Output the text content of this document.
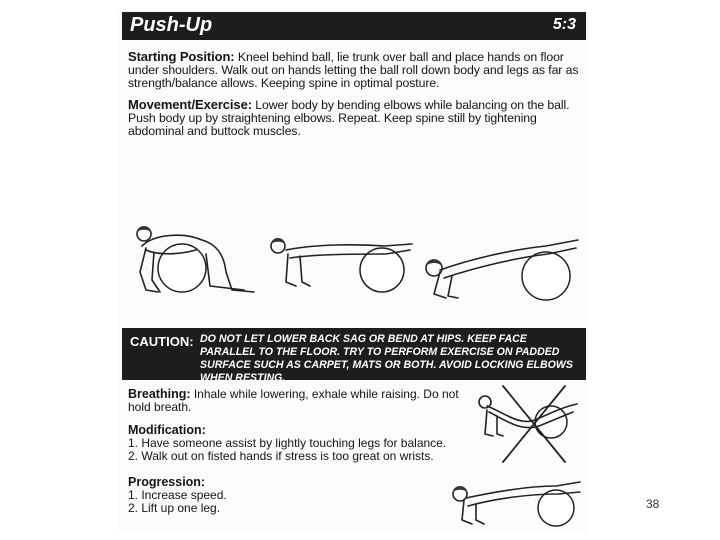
Push-Up	5:3
Starting Position: Kneel behind ball, lie trunk over ball and place hands on floor under shoulders. Walk out on hands letting the ball roll down body and legs as far as strength/balance allows. Keeping spine in optimal posture.
Movement/Exercise: Lower body by bending elbows while balancing on the ball. Push body up by straightening elbows. Repeat. Keep spine still by tightening abdominal and buttock muscles.
CAUTION: DO NOT LET LOWER BACK SAG OR BEND AT HIPS. KEEP FACE PARALLEL TO THE FLOOR. TRY TO PERFORM EXERCISE ON PADDED SURFACE SUCH AS CARPET, MATS OR BOTH. AVOID LOCKING ELBOWS WHEN RESTING.
Breathing: Inhale while lowering, exhale while raising. Do not hold breath.
Modification:
1. Have someone assist by lightly touching legs for balance.
2. Walk out on fisted hands if stress is too great on wrists.
Progression:
1. Increase speed.
2. Lift up one leg.	38
